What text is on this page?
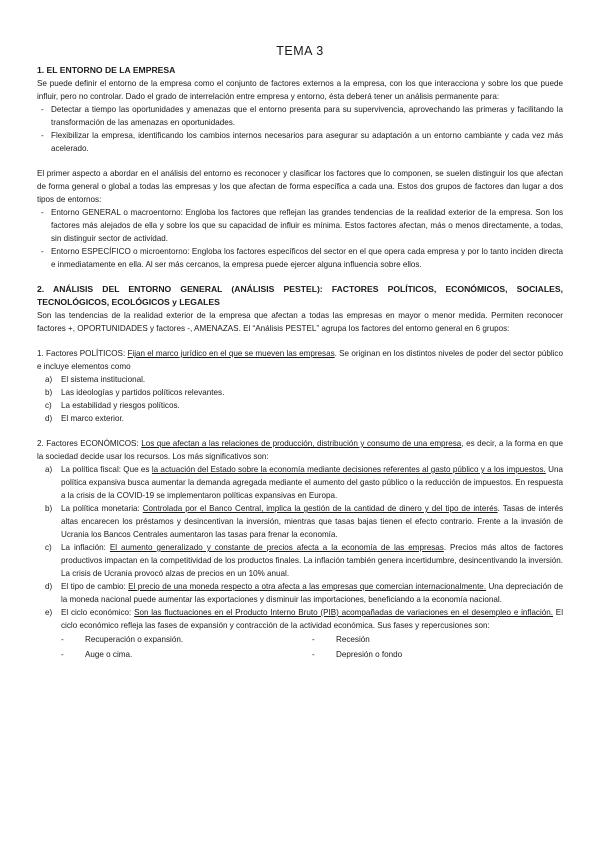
TEMA 3

1. EL ENTORNO DE LA EMPRESA

Se puede definir el entorno de la empresa como el conjunto de factores externos a la empresa, con los que interacciona y sobre los que puede influir, pero no controlar. Dado el grado de interrelación entre empresa y entorno, ésta deberá tener un análisis permanente para:

- Detectar a tiempo las oportunidades y amenazas que el entorno presenta para su supervivencia, aprovechando las primeras y facilitando la transformación de las amenazas en oportunidades.
- Flexibilizar la empresa, identificando los cambios internos necesarios para asegurar su adaptación a un entorno cambiante y cada vez más acelerado.

El primer aspecto a abordar en el análisis del entorno es reconocer y clasificar los factores que lo componen, se suelen distinguir los que afectan de forma general o global a todas las empresas y los que afectan de forma específica a cada una. Estos dos grupos de factores dan lugar a dos tipos de entornos:

- Entorno GENERAL o macroentorno: Engloba los factores que reflejan las grandes tendencias de la realidad exterior de la empresa. Son los factores más alejados de ella y sobre los que su capacidad de influir es mínima. Estos factores afectan, más o menos directamente, a todas, sin distinguir sector de actividad.
- Entorno ESPECÍFICO o microentorno: Engloba los factores específicos del sector en el que opera cada empresa y por lo tanto inciden directa e inmediatamente en ella. Al ser más cercanos, la empresa puede ejercer alguna influencia sobre ellos.

2. ANÁLISIS DEL ENTORNO GENERAL (ANÁLISIS PESTEL): FACTORES POLÍTICOS, ECONÓMICOS, SOCIALES, TECNOLÓGICOS, ECOLÓGICOS y LEGALES

Son las tendencias de la realidad exterior de la empresa que afectan a todas las empresas en mayor o menor medida. Permiten reconocer factores +, OPORTUNIDADES y factores -, AMENAZAS. El “Análisis PESTEL” agrupa los factores del entorno general en 6 grupos:

1. Factores POLÍTICOS: Fijan el marco jurídico en el que se mueven las empresas. Se originan en los distintos niveles de poder del sector público e incluye elementos como

a) El sistema institucional.
b) Las ideologías y partidos políticos relevantes.
c) La estabilidad y riesgos políticos.
d) El marco exterior.

2. Factores ECONÓMICOS: Los que afectan a las relaciones de producción, distribución y consumo de una empresa, es decir, a la forma en que la sociedad decide usar los recursos. Los más significativos son:

a) La política fiscal: Que es la actuación del Estado sobre la economía mediante decisiones referentes al gasto público y a los impuestos. Una política expansiva busca aumentar la demanda agregada mediante el aumento del gasto público o la reducción de impuestos. En respuesta a la crisis de la COVID-19 se implementaron políticas expansivas en Europa.
b) La política monetaria: Controlada por el Banco Central, implica la gestión de la cantidad de dinero y del tipo de interés. Tasas de interés altas encarecen los préstamos y desincentivan la inversión, mientras que tasas bajas tienen el efecto contrario. Frente a la invasión de Ucrania los Bancos Centrales aumentaron las tasas para frenar la economía.
c) La inflación: El aumento generalizado y constante de precios afecta a la economía de las empresas. Precios más altos de factores productivos impactan en la competitividad de los productos finales. La inflación también genera incertidumbre, desincentivando la inversión. La crisis de Ucrania provocó alzas de precios en un 10% anual.
d) El tipo de cambio: El precio de una moneda respecto a otra afecta a las empresas que comercian internacionalmente. Una depreciación de la moneda nacional puede aumentar las exportaciones y disminuir las importaciones, beneficiando a la economía nacional.
e) El ciclo económico: Son las fluctuaciones en el Producto Interno Bruto (PIB) acompañadas de variaciones en el desempleo e inflación. El ciclo económico refleja las fases de expansión y contracción de la actividad económica. Sus fases y repercusiones son:
-	Recuperación o expansión.
-	Auge o cima.
-	Recesión
-	Depresión o fondo
